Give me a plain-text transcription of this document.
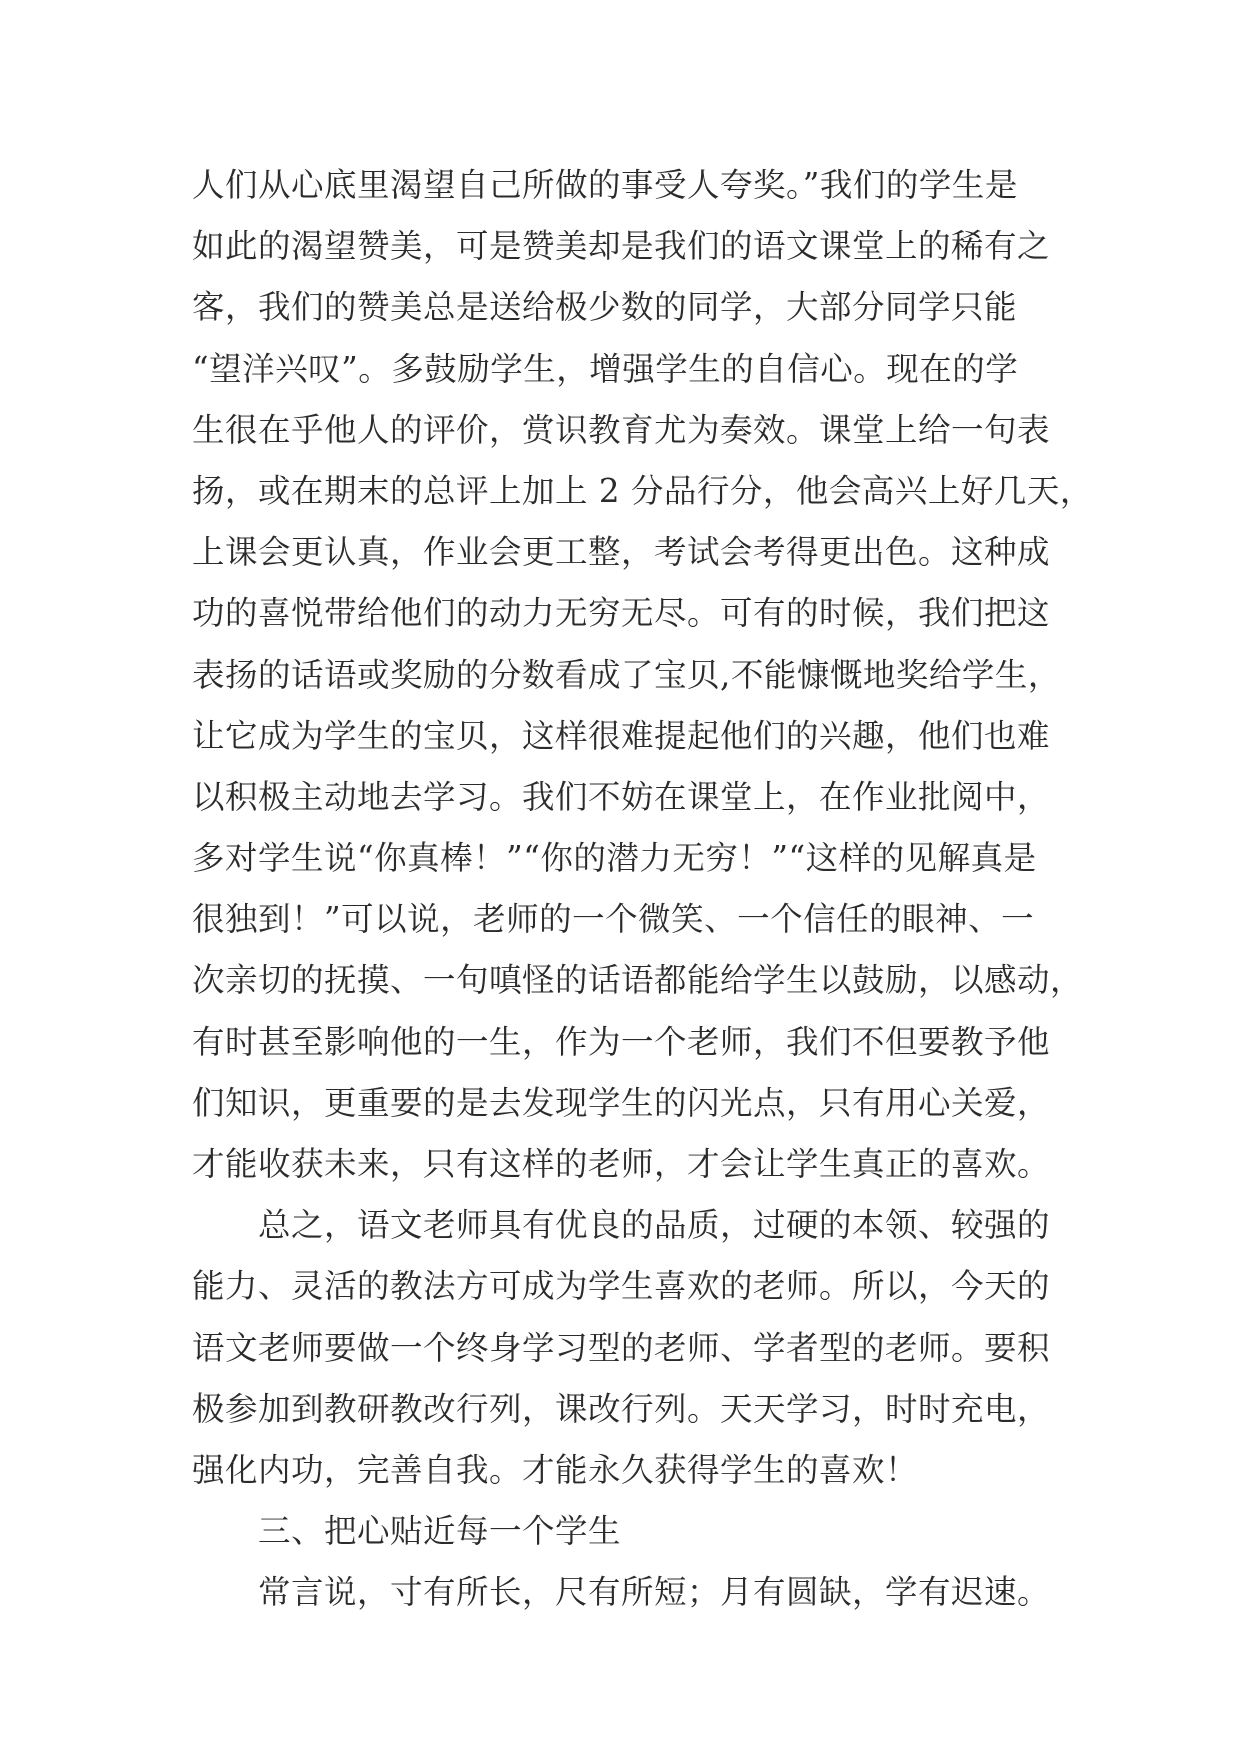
人们从心底里渴望自己所做的事受人夸奖。”我们的学生是
如此的渴望赞美，可是赞美却是我们的语文课堂上的稀有之
客，我们的赞美总是送给极少数的同学，大部分同学只能
“望洋兴叹”。多鼓励学生，增强学生的自信心。现在的学
生很在乎他人的评价，赏识教育尤为奏效。课堂上给一句表
扬，或在期末的总评上加上 2 分品行分，他会高兴上好几天，
上课会更认真，作业会更工整，考试会考得更出色。这种成
功的喜悦带给他们的动力无穷无尽。可有的时候，我们把这
表扬的话语或奖励的分数看成了宝贝,不能慷慨地奖给学生，
让它成为学生的宝贝，这样很难提起他们的兴趣，他们也难
以积极主动地去学习。我们不妨在课堂上，在作业批阅中，
多对学生说“你真棒！”“你的潜力无穷！”“这样的见解真是
很独到！”可以说，老师的一个微笑、一个信任的眼神、一
次亲切的抚摸、一句嗔怪的话语都能给学生以鼓励，以感动，
有时甚至影响他的一生，作为一个老师，我们不但要教予他
们知识，更重要的是去发现学生的闪光点，只有用心关爱，
才能收获未来，只有这样的老师，才会让学生真正的喜欢。
总之，语文老师具有优良的品质，过硬的本领、较强的
能力、灵活的教法方可成为学生喜欢的老师。所以，今天的
语文老师要做一个终身学习型的老师、学者型的老师。要积
极参加到教研教改行列，课改行列。天天学习，时时充电，
强化内功，完善自我。才能永久获得学生的喜欢！
三、把心贴近每一个学生
常言说，寸有所长，尺有所短；月有圆缺，学有迟速。
